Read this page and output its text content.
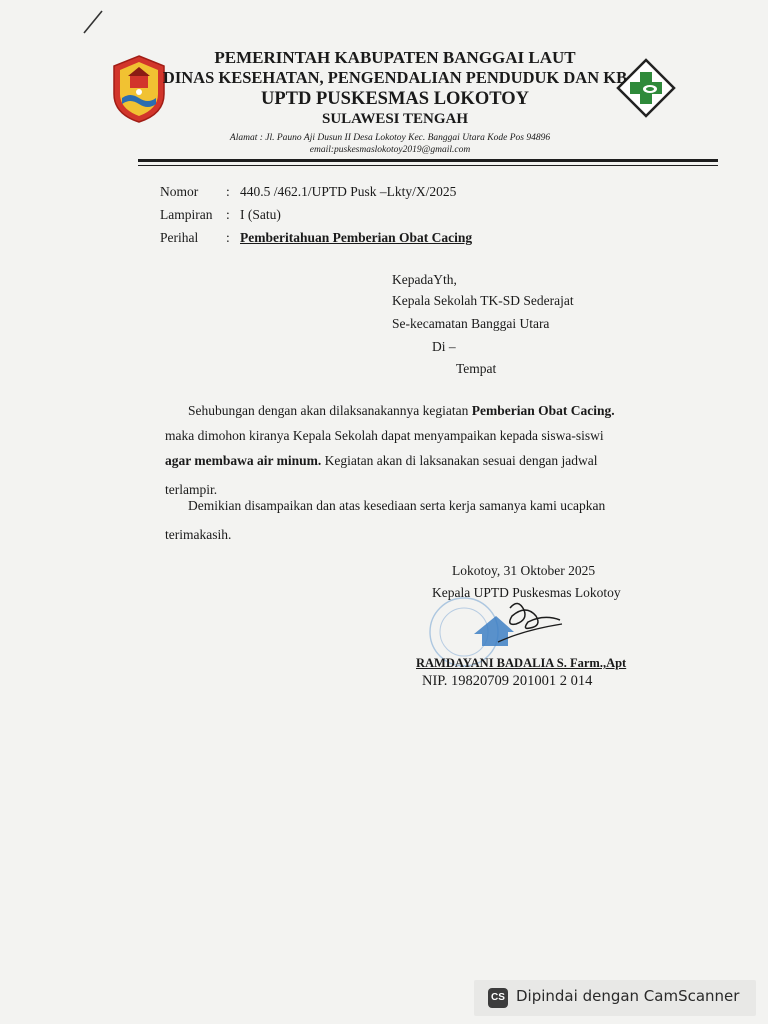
PEMERINTAH KABUPATEN BANGGAI LAUT
DINAS KESEHATAN, PENGENDALIAN PENDUDUK DAN KB
UPTD PUSKESMAS LOKOTOY
SULAWESI TENGAH
Alamat : Jl. Pauno Aji Dusun II Desa Lokotoy Kec. Banggai Utara Kode Pos 94896
email:puskesmaslokotoy2019@gmail.com
Nomor : 440.5 /462.1/UPTD Pusk –Lkty/X/2025
Lampiran : I (Satu)
Perihal : Pemberitahuan Pemberian Obat Cacing
KepadaYth,
Kepala Sekolah TK-SD Sederajat
Se-kecamatan Banggai Utara
Di –
Tempat
Sehubungan dengan akan dilaksanakannya kegiatan Pemberian Obat Cacing.
maka dimohon kiranya Kepala Sekolah dapat menyampaikan kepada siswa-siswi
agar membawa air minum. Kegiatan akan di laksanakan sesuai dengan jadwal
terlampir.
Demikian disampaikan dan atas kesediaan serta kerja samanya kami ucapkan
terimakasih.
Lokotoy, 31 Oktober 2025
Kepala UPTD Puskesmas Lokotoy
RAMDAYANI BADALIA S. Farm.,Apt
NIP. 19820709 201001 2 014
CS Dipindai dengan CamScanner
